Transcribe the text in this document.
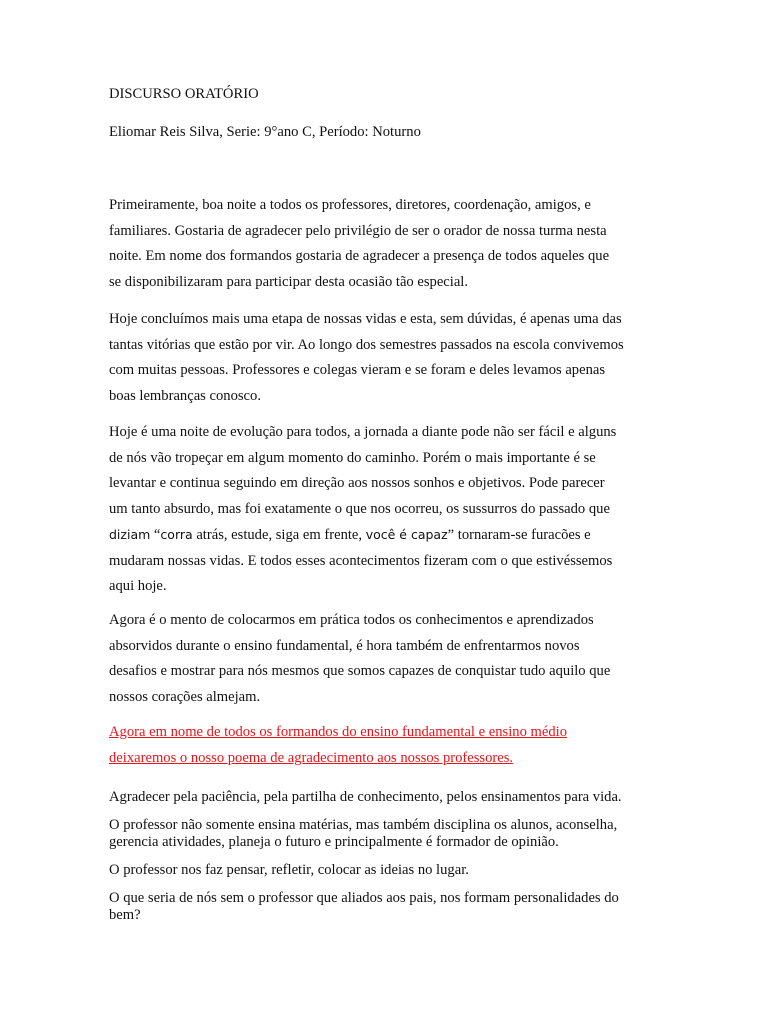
DISCURSO ORATÓRIO
Eliomar Reis Silva, Serie: 9°ano C, Período: Noturno

Primeiramente, boa noite a todos os professores, diretores, coordenação, amigos, e
familiares. Gostaria de agradecer pelo privilégio de ser o orador de nossa turma nesta
noite. Em nome dos formandos gostaria de agradecer a presença de todos aqueles que
se disponibilizaram para participar desta ocasião tão especial.

Hoje concluímos mais uma etapa de nossas vidas e esta, sem dúvidas, é apenas uma das
tantas vitórias que estão por vir. Ao longo dos semestres passados na escola convivemos
com muitas pessoas. Professores e colegas vieram e se foram e deles levamos apenas
boas lembranças conosco.

Hoje é uma noite de evolução para todos, a jornada a diante pode não ser fácil e alguns
de nós vão tropeçar em algum momento do caminho. Porém o mais importante é se
levantar e continua seguindo em direção aos nossos sonhos e objetivos. Pode parecer
um tanto absurdo, mas foi exatamente o que nos ocorreu, os sussurros do passado que
diziam “corra atrás, estude, siga em frente, você é capaz” tornaram-se furacões e
mudaram nossas vidas. E todos esses acontecimentos fizeram com o que estivéssemos
aqui hoje.

Agora é o mento de colocarmos em prática todos os conhecimentos e aprendizados
absorvidos durante o ensino fundamental, é hora também de enfrentarmos novos
desafios e mostrar para nós mesmos que somos capazes de conquistar tudo aquilo que
nossos corações almejam.

Agora em nome de todos os formandos do ensino fundamental e ensino médio
deixaremos o nosso poema de agradecimento aos nossos professores.

Agradecer pela paciência, pela partilha de conhecimento, pelos ensinamentos para vida.

O professor não somente ensina matérias, mas também disciplina os alunos, aconselha,
gerencia atividades, planeja o futuro e principalmente é formador de opinião.

O professor nos faz pensar, refletir, colocar as ideias no lugar.

O que seria de nós sem o professor que aliados aos pais, nos formam personalidades do
bem?
